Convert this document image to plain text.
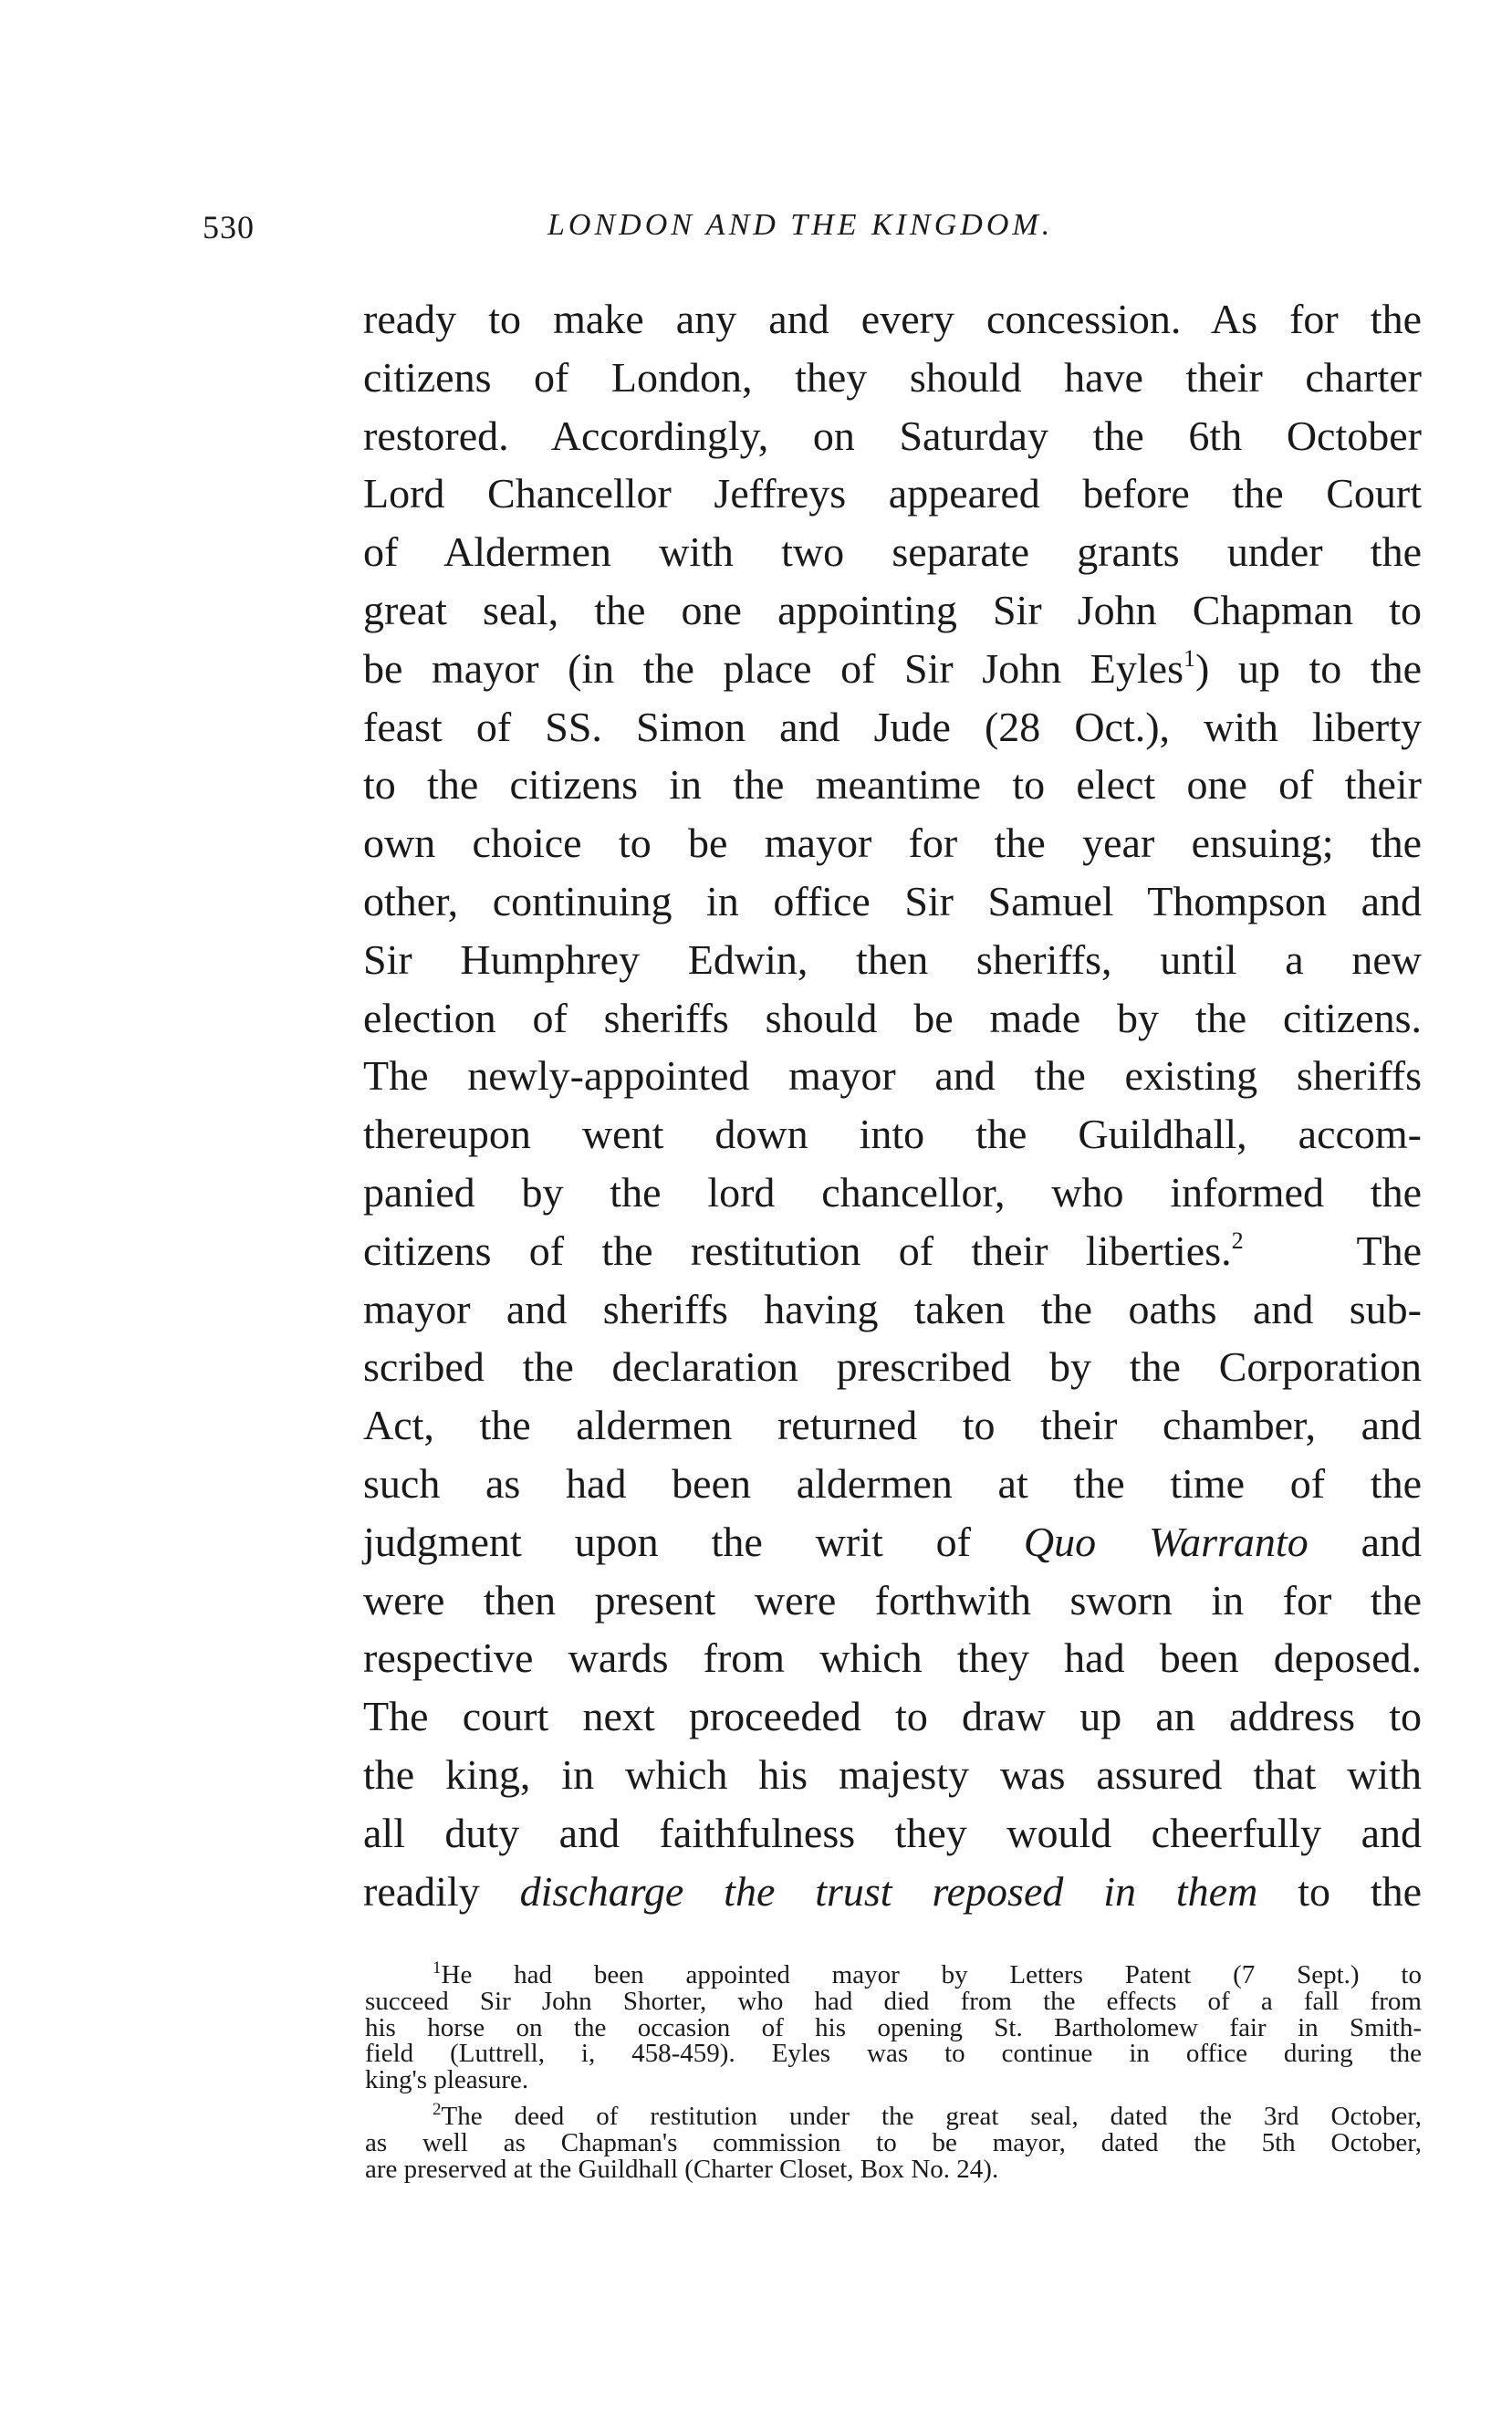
530	LONDON AND THE KINGDOM.
ready to make any and every concession. As for the
citizens of London, they should have their charter
restored. Accordingly, on Saturday the 6th October
Lord Chancellor Jeffreys appeared before the Court
of Aldermen with two separate grants under the
great seal, the one appointing Sir John Chapman to
be mayor (in the place of Sir John Eyles$^1$) up to the
feast of SS. Simon and Jude (28 Oct.), with liberty
to the citizens in the meantime to elect one of their
own choice to be mayor for the year ensuing; the
other, continuing in office Sir Samuel Thompson and
Sir Humphrey Edwin, then sheriffs, until a new
election of sheriffs should be made by the citizens.
The newly-appointed mayor and the existing sheriffs
thereupon went down into the Guildhall, accom-
panied by the lord chancellor, who informed the
citizens of the restitution of their liberties.$^2$	The
mayor and sheriffs having taken the oaths and sub-
scribed the declaration prescribed by the Corporation
Act, the aldermen returned to their chamber, and
such as had been aldermen at the time of the
judgment upon the writ of Quo Warranto and
were then present were forthwith sworn in for the
respective wards from which they had been deposed.
The court next proceeded to draw up an address to
the king, in which his majesty was assured that with
all duty and faithfulness they would cheerfully and
readily discharge the trust reposed in them to the
$^1$He had been appointed mayor by Letters Patent (7 Sept.) to
succeed Sir John Shorter, who had died from the effects of a fall from
his horse on the occasion of his opening St. Bartholomew fair in Smith-
field (Luttrell, i, 458-459). Eyles was to continue in office during the
king's pleasure.
$^2$The deed of restitution under the great seal, dated the 3rd October,
as well as Chapman's commission to be mayor, dated the 5th October,
are preserved at the Guildhall (Charter Closet, Box No. 24).
